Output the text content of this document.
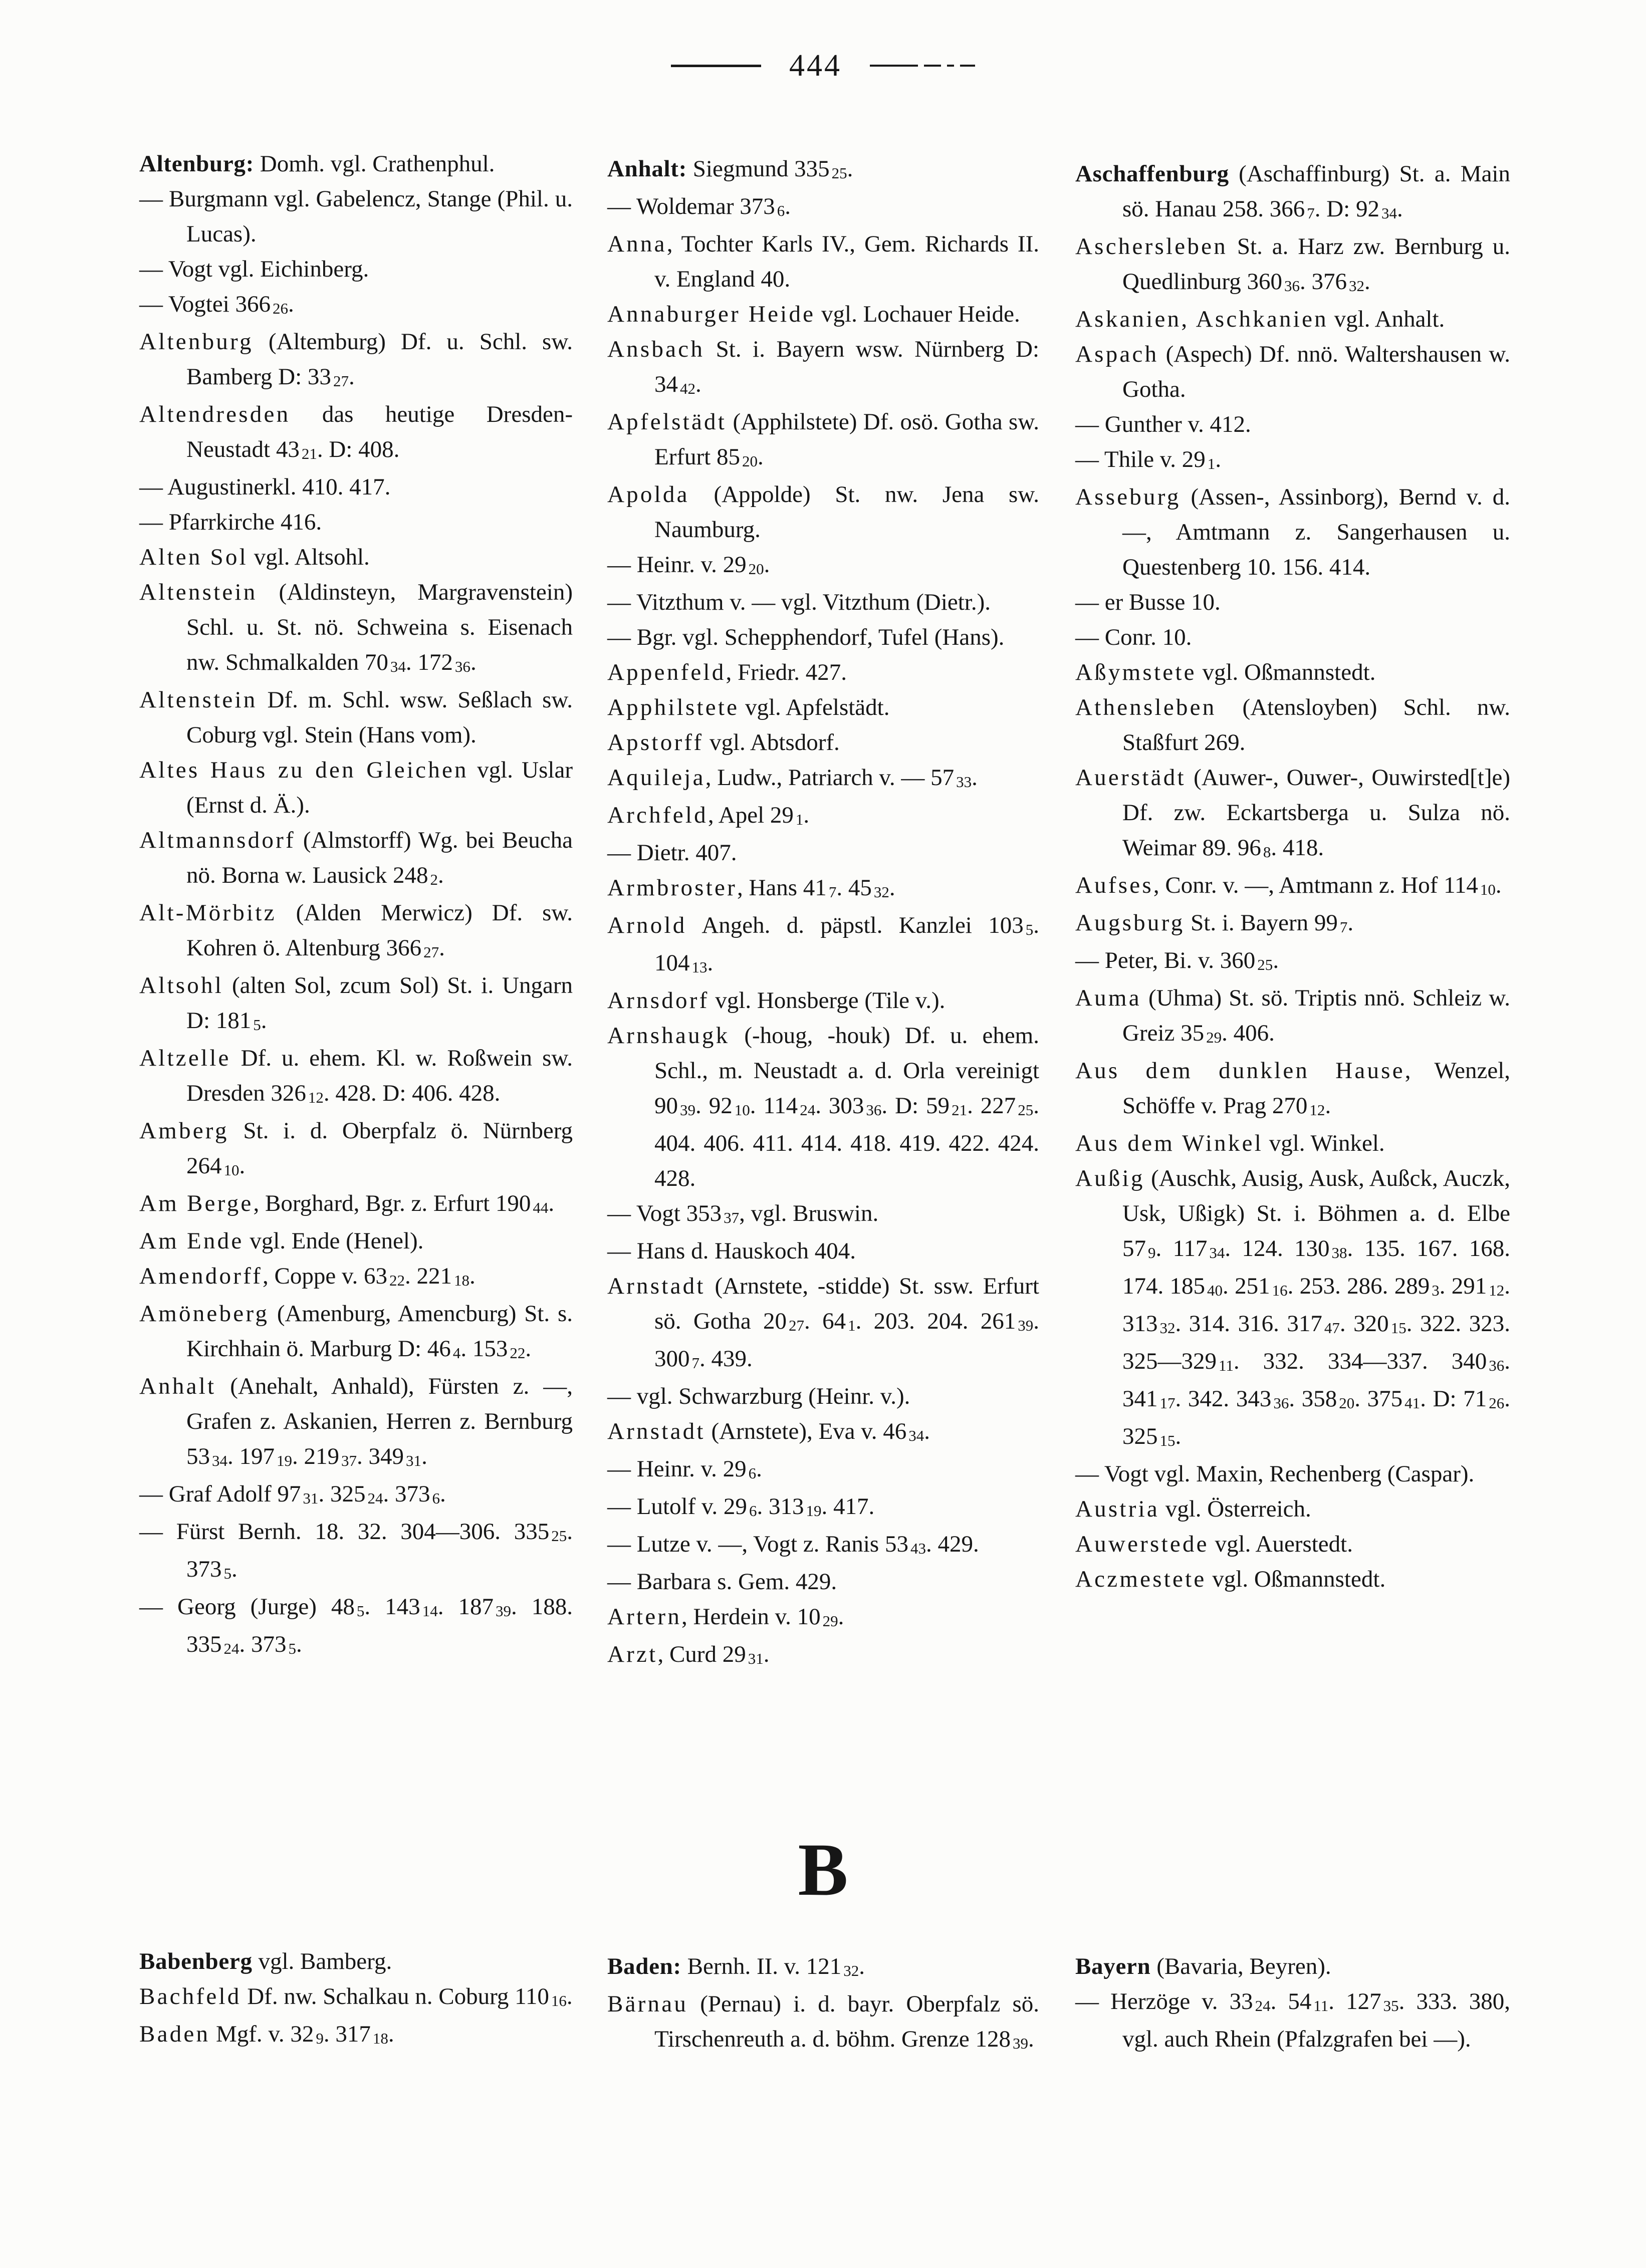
444

Altenburg: Domh. vgl. Crathenphul.

— Burgmann vgl. Gabelencz, Stange (Phil. u. Lucas).

— Vogt vgl. Eichinberg.

— Vogtei 366 26.

Altenburg (Altemburg) Df. u. Schl. sw. Bamberg D: 33 27.

Altendresden das heutige Dresden-Neustadt 43 21. D: 408.

— Augustinerkl. 410. 417.

— Pfarrkirche 416.

Alten Sol vgl. Altsohl.

Altenstein (Aldinsteyn, Margravenstein) Schl. u. St. nö. Schweina s. Eisenach nw. Schmalkalden 70 34. 172 36.

Altenstein Df. m. Schl. wsw. Seßlach sw. Coburg vgl. Stein (Hans vom).

Altes Haus zu den Gleichen vgl. Uslar (Ernst d. Ä.).

Altmannsdorf (Almstorff) Wg. bei Beucha nö. Borna w. Lausick 248 2.

Alt-Mörbitz (Alden Merwicz) Df. sw. Kohren ö. Altenburg 366 27.

Altsohl (alten Sol, zcum Sol) St. i. Ungarn D: 181 5.

Altzelle Df. u. ehem. Kl. w. Roßwein sw. Dresden 326 12. 428. D: 406. 428.

Amberg St. i. d. Oberpfalz ö. Nürnberg 264 10.

Am Berge, Borghard, Bgr. z. Erfurt 190 44.

Am Ende vgl. Ende (Henel).

Amendorff, Coppe v. 63 22. 221 18.

Amöneberg (Amenburg, Amencburg) St. s. Kirchhain ö. Marburg D: 46 4. 153 22.

Anhalt (Anehalt, Anhald), Fürsten z. —, Grafen z. Askanien, Herren z. Bernburg 53 34. 197 19. 219 37. 349 31.

— Graf Adolf 97 31. 325 24. 373 6.

— Fürst Bernh. 18. 32. 304—306. 335 25. 373 5.

— Georg (Jurge) 48 5. 143 14. 187 39. 188. 335 24. 373 5.

Anhalt: Siegmund 335 25.

— Woldemar 373 6.

Anna, Tochter Karls IV., Gem. Richards II. v. England 40.

Annaburger Heide vgl. Lochauer Heide.

Ansbach St. i. Bayern wsw. Nürnberg D: 34 42.

Apfelstädt (Apphilstete) Df. osö. Gotha sw. Erfurt 85 20.

Apolda (Appolde) St. nw. Jena sw. Naumburg.

— Heinr. v. 29 20.

— Vitzthum v. — vgl. Vitzthum (Dietr.).

— Bgr. vgl. Schepphendorf, Tufel (Hans).

Appenfeld, Friedr. 427.

Apphilstete vgl. Apfelstädt.

Apstorff vgl. Abtsdorf.

Aquileja, Ludw., Patriarch v. — 57 33.

Archfeld, Apel 29 1.

— Dietr. 407.

Armbroster, Hans 41 7. 45 32.

Arnold Angeh. d. päpstl. Kanzlei 103 5. 104 13.

Arnsdorf vgl. Honsberge (Tile v.).

Arnshaugk (-houg, -houk) Df. u. ehem. Schl., m. Neustadt a. d. Orla vereinigt 90 39. 92 10. 114 24. 303 36. D: 59 21. 227 25. 404. 406. 411. 414. 418. 419. 422. 424. 428.

— Vogt 353 37, vgl. Bruswin.

— Hans d. Hauskoch 404.

Arnstadt (Arnstete, -stidde) St. ssw. Erfurt sö. Gotha 20 27. 64 1. 203. 204. 261 39. 300 7. 439.

— vgl. Schwarzburg (Heinr. v.).

Arnstadt (Arnstete), Eva v. 46 34.

— Heinr. v. 29 6.

— Lutolf v. 29 6. 313 19. 417.

— Lutze v. —, Vogt z. Ranis 53 43. 429.

— Barbara s. Gem. 429.

Artern, Herdein v. 10 29.

Arzt, Curd 29 31.

Aschaffenburg (Aschaffinburg) St. a. Main sö. Hanau 258. 366 7. D: 92 34.

Aschersleben St. a. Harz zw. Bernburg u. Quedlinburg 360 36. 376 32.

Askanien, Aschkanien vgl. Anhalt.

Aspach (Aspech) Df. nnö. Waltershausen w. Gotha.

— Gunther v. 412.

— Thile v. 29 1.

Asseburg (Assen-, Assinborg), Bernd v. d. —, Amtmann z. Sangerhausen u. Questenberg 10. 156. 414.

— er Busse 10.

— Conr. 10.

Aßymstete vgl. Oßmannstedt.

Athensleben (Atensloyben) Schl. nw. Staßfurt 269.

Auerstädt (Auwer-, Ouwer-, Ouwirsted[t]e) Df. zw. Eckartsberga u. Sulza nö. Weimar 89. 96 8. 418.

Aufses, Conr. v. —, Amtmann z. Hof 114 10.

Augsburg St. i. Bayern 99 7.

— Peter, Bi. v. 360 25.

Auma (Uhma) St. sö. Triptis nnö. Schleiz w. Greiz 35 29. 406.

Aus dem dunklen Hause, Wenzel, Schöffe v. Prag 270 12.

Aus dem Winkel vgl. Winkel.

Außig (Auschk, Ausig, Ausk, Außck, Auczk, Usk, Ußigk) St. i. Böhmen a. d. Elbe 57 9. 117 34. 124. 130 38. 135. 167. 168. 174. 185 40. 251 16. 253. 286. 289 3. 291 12. 313 32. 314. 316. 317 47. 320 15. 322. 323. 325—329 11. 332. 334—337. 340 36. 341 17. 342. 343 36. 358 20. 375 41. D: 71 26. 325 15.

— Vogt vgl. Maxin, Rechenberg (Caspar).

Austria vgl. Österreich.

Auwerstede vgl. Auerstedt.

Aczmestete vgl. Oßmannstedt.

B

Babenberg vgl. Bamberg.

Bachfeld Df. nw. Schalkau n. Coburg 110 16.

Baden Mgf. v. 32 9. 317 18.

Baden: Bernh. II. v. 121 32.

Bärnau (Pernau) i. d. bayr. Oberpfalz sö. Tirschenreuth a. d. böhm. Grenze 128 39.

Bayern (Bavaria, Beyren).

— Herzöge v. 33 24. 54 11. 127 35. 333. 380, vgl. auch Rhein (Pfalzgrafen bei —).
